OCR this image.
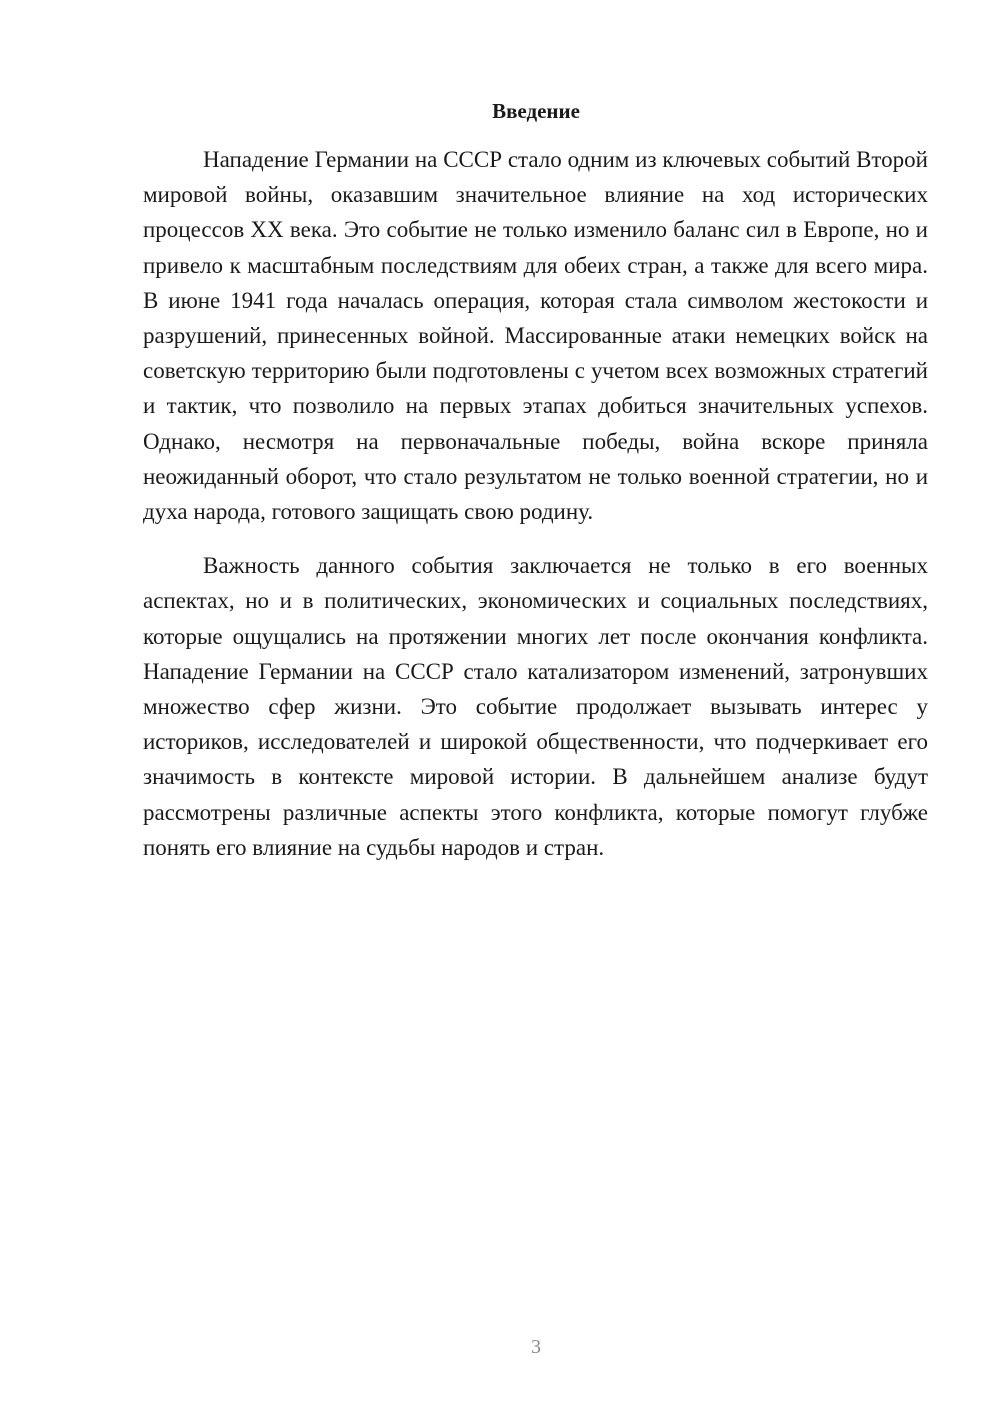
Введение

Нападение Германии на СССР стало одним из ключевых событий Второй мировой войны, оказавшим значительное влияние на ход исторических процессов XX века. Это событие не только изменило баланс сил в Европе, но и привело к масштабным последствиям для обеих стран, а также для всего мира. В июне 1941 года началась операция, которая стала символом жестокости и разрушений, принесенных войной. Массированные атаки немецких войск на советскую территорию были подготовлены с учетом всех возможных стратегий и тактик, что позволило на первых этапах добиться значительных успехов. Однако, несмотря на первоначальные победы, война вскоре приняла неожиданный оборот, что стало результатом не только военной стратегии, но и духа народа, готового защищать свою родину.

Важность данного события заключается не только в его военных аспектах, но и в политических, экономических и социальных последствиях, которые ощущались на протяжении многих лет после окончания конфликта. Нападение Германии на СССР стало катализатором изменений, затронувших множество сфер жизни. Это событие продолжает вызывать интерес у историков, исследователей и широкой общественности, что подчеркивает его значимость в контексте мировой истории. В дальнейшем анализе будут рассмотрены различные аспекты этого конфликта, которые помогут глубже понять его влияние на судьбы народов и стран.

3
